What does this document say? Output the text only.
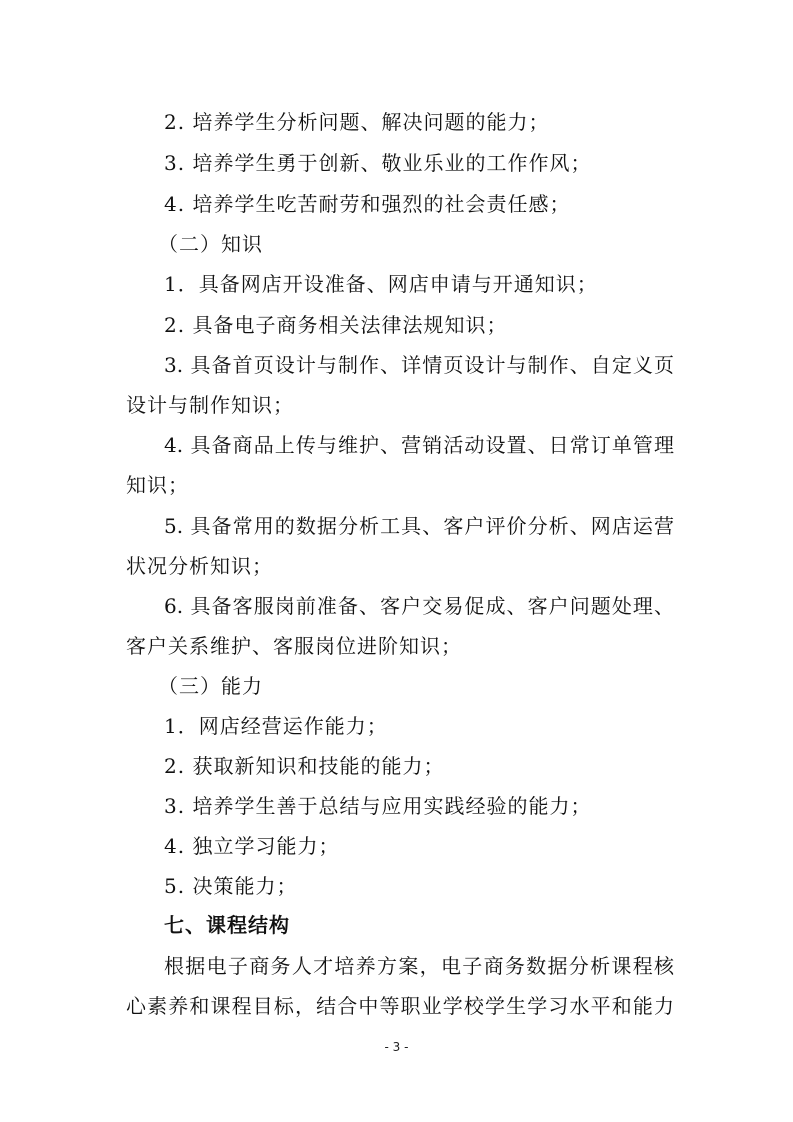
2. 培养学生分析问题、解决问题的能力；
3. 培养学生勇于创新、敬业乐业的工作作风；
4. 培养学生吃苦耐劳和强烈的社会责任感；
（二）知识
1．具备网店开设准备、网店申请与开通知识；
2. 具备电子商务相关法律法规知识；
3. 具备首页设计与制作、详情页设计与制作、自定义页
设计与制作知识；
4. 具备商品上传与维护、营销活动设置、日常订单管理
知识；
5. 具备常用的数据分析工具、客户评价分析、网店运营
状况分析知识；
6. 具备客服岗前准备、客户交易促成、客户问题处理、
客户关系维护、客服岗位进阶知识；
（三）能力
1．网店经营运作能力；
2. 获取新知识和技能的能力；
3. 培养学生善于总结与应用实践经验的能力；
4. 独立学习能力；
5. 决策能力；
七、课程结构
根据电子商务人才培养方案，电子商务数据分析课程核
心素养和课程目标，结合中等职业学校学生学习水平和能力
- 3 -
